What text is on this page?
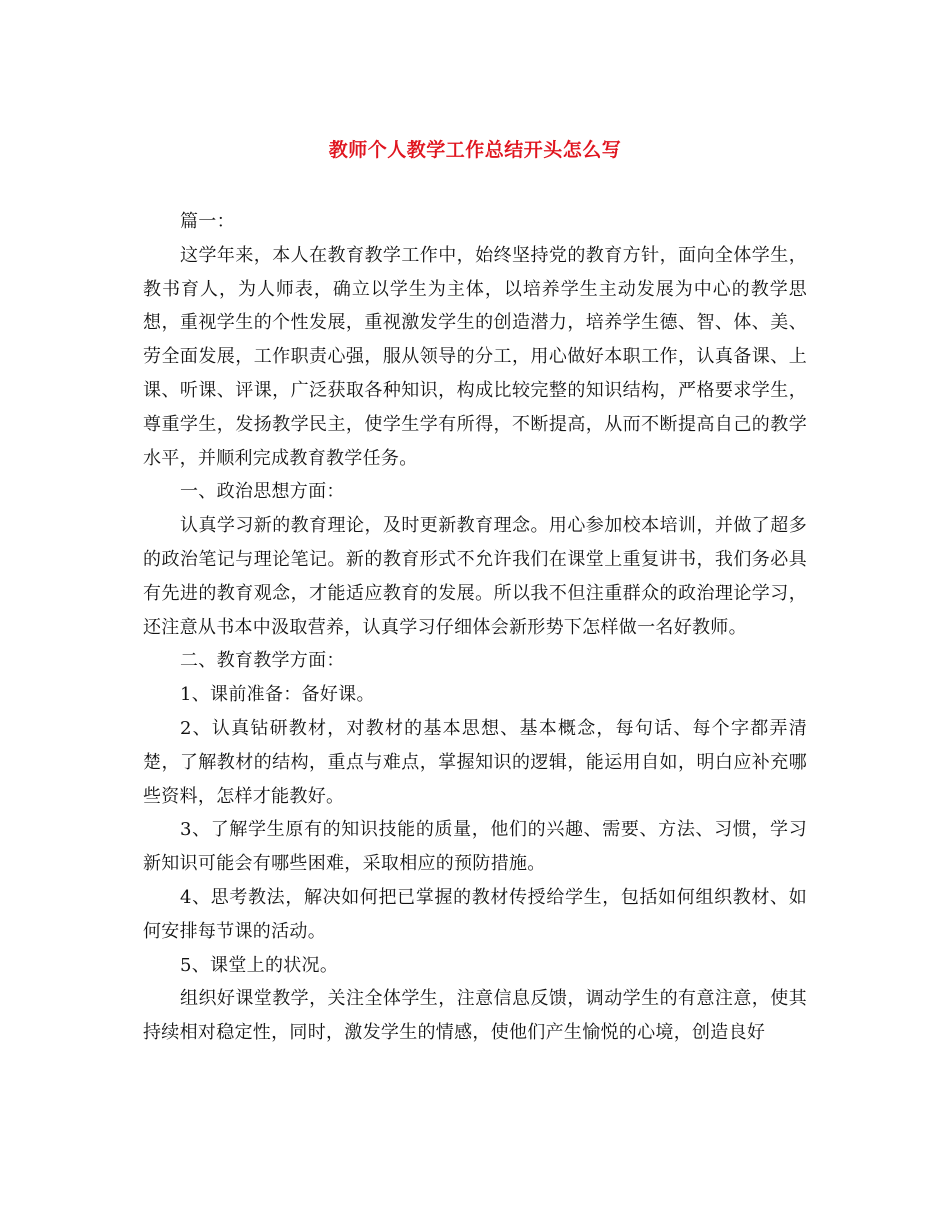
教师个人教学工作总结开头怎么写

篇一：

这学年来，本人在教育教学工作中，始终坚持党的教育方针，面向全体学生，教书育人，为人师表，确立以学生为主体，以培养学生主动发展为中心的教学思想，重视学生的个性发展，重视激发学生的创造潜力，培养学生德、智、体、美、劳全面发展，工作职责心强，服从领导的分工，用心做好本职工作，认真备课、上课、听课、评课，广泛获取各种知识，构成比较完整的知识结构，严格要求学生，尊重学生，发扬教学民主，使学生学有所得，不断提高，从而不断提高自己的教学水平，并顺利完成教育教学任务。

一、政治思想方面：

认真学习新的教育理论，及时更新教育理念。用心参加校本培训，并做了超多的政治笔记与理论笔记。新的教育形式不允许我们在课堂上重复讲书，我们务必具有先进的教育观念，才能适应教育的发展。所以我不但注重群众的政治理论学习，还注意从书本中汲取营养，认真学习仔细体会新形势下怎样做一名好教师。

二、教育教学方面：

1、课前准备：备好课。

2、认真钻研教材，对教材的基本思想、基本概念，每句话、每个字都弄清楚，了解教材的结构，重点与难点，掌握知识的逻辑，能运用自如，明白应补充哪些资料，怎样才能教好。

3、了解学生原有的知识技能的质量，他们的兴趣、需要、方法、习惯，学习新知识可能会有哪些困难，采取相应的预防措施。

4、思考教法，解决如何把已掌握的教材传授给学生，包括如何组织教材、如何安排每节课的活动。

5、课堂上的状况。

组织好课堂教学，关注全体学生，注意信息反馈，调动学生的有意注意，使其持续相对稳定性，同时，激发学生的情感，使他们产生愉悦的心境，创造良好
